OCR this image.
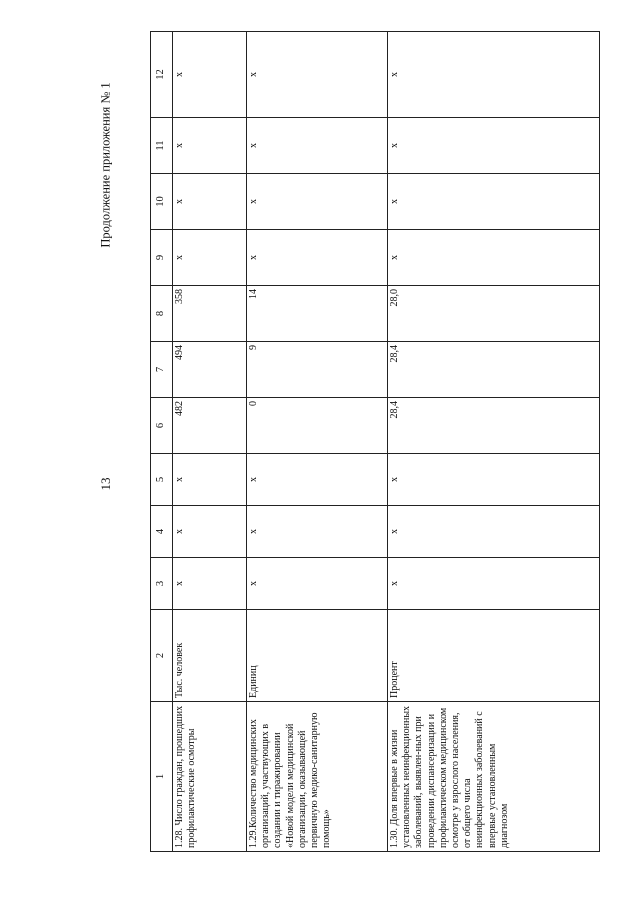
13
Продолжение приложения № 1
1	2	3	4	5	6	7	8	9	10	11	12
1.28. Число граждан, прошедших профилактические осмотры	Тыс. человек	х	х	х	482	494	358	х	х	х	х
1.29.Количество медицинских организаций, участвующих в создании и тиражировании «Новой модели медицинской организации, оказывающей первичную медико-санитарную помощь»	Единиц	х	х	х	0	9	14	х	х	х	х
1.30. Доля впервые в жизни установленных неинфекционных заболеваний, выявлен-ных при проведении диспансеризации и профилактическом медицинском осмотре у взрослого населения, от общего числа неинфекционных заболеваний с впервые установленным диагнозом	Процент	х	х	х	28,4	28,4	28,0	х	х	х	х
